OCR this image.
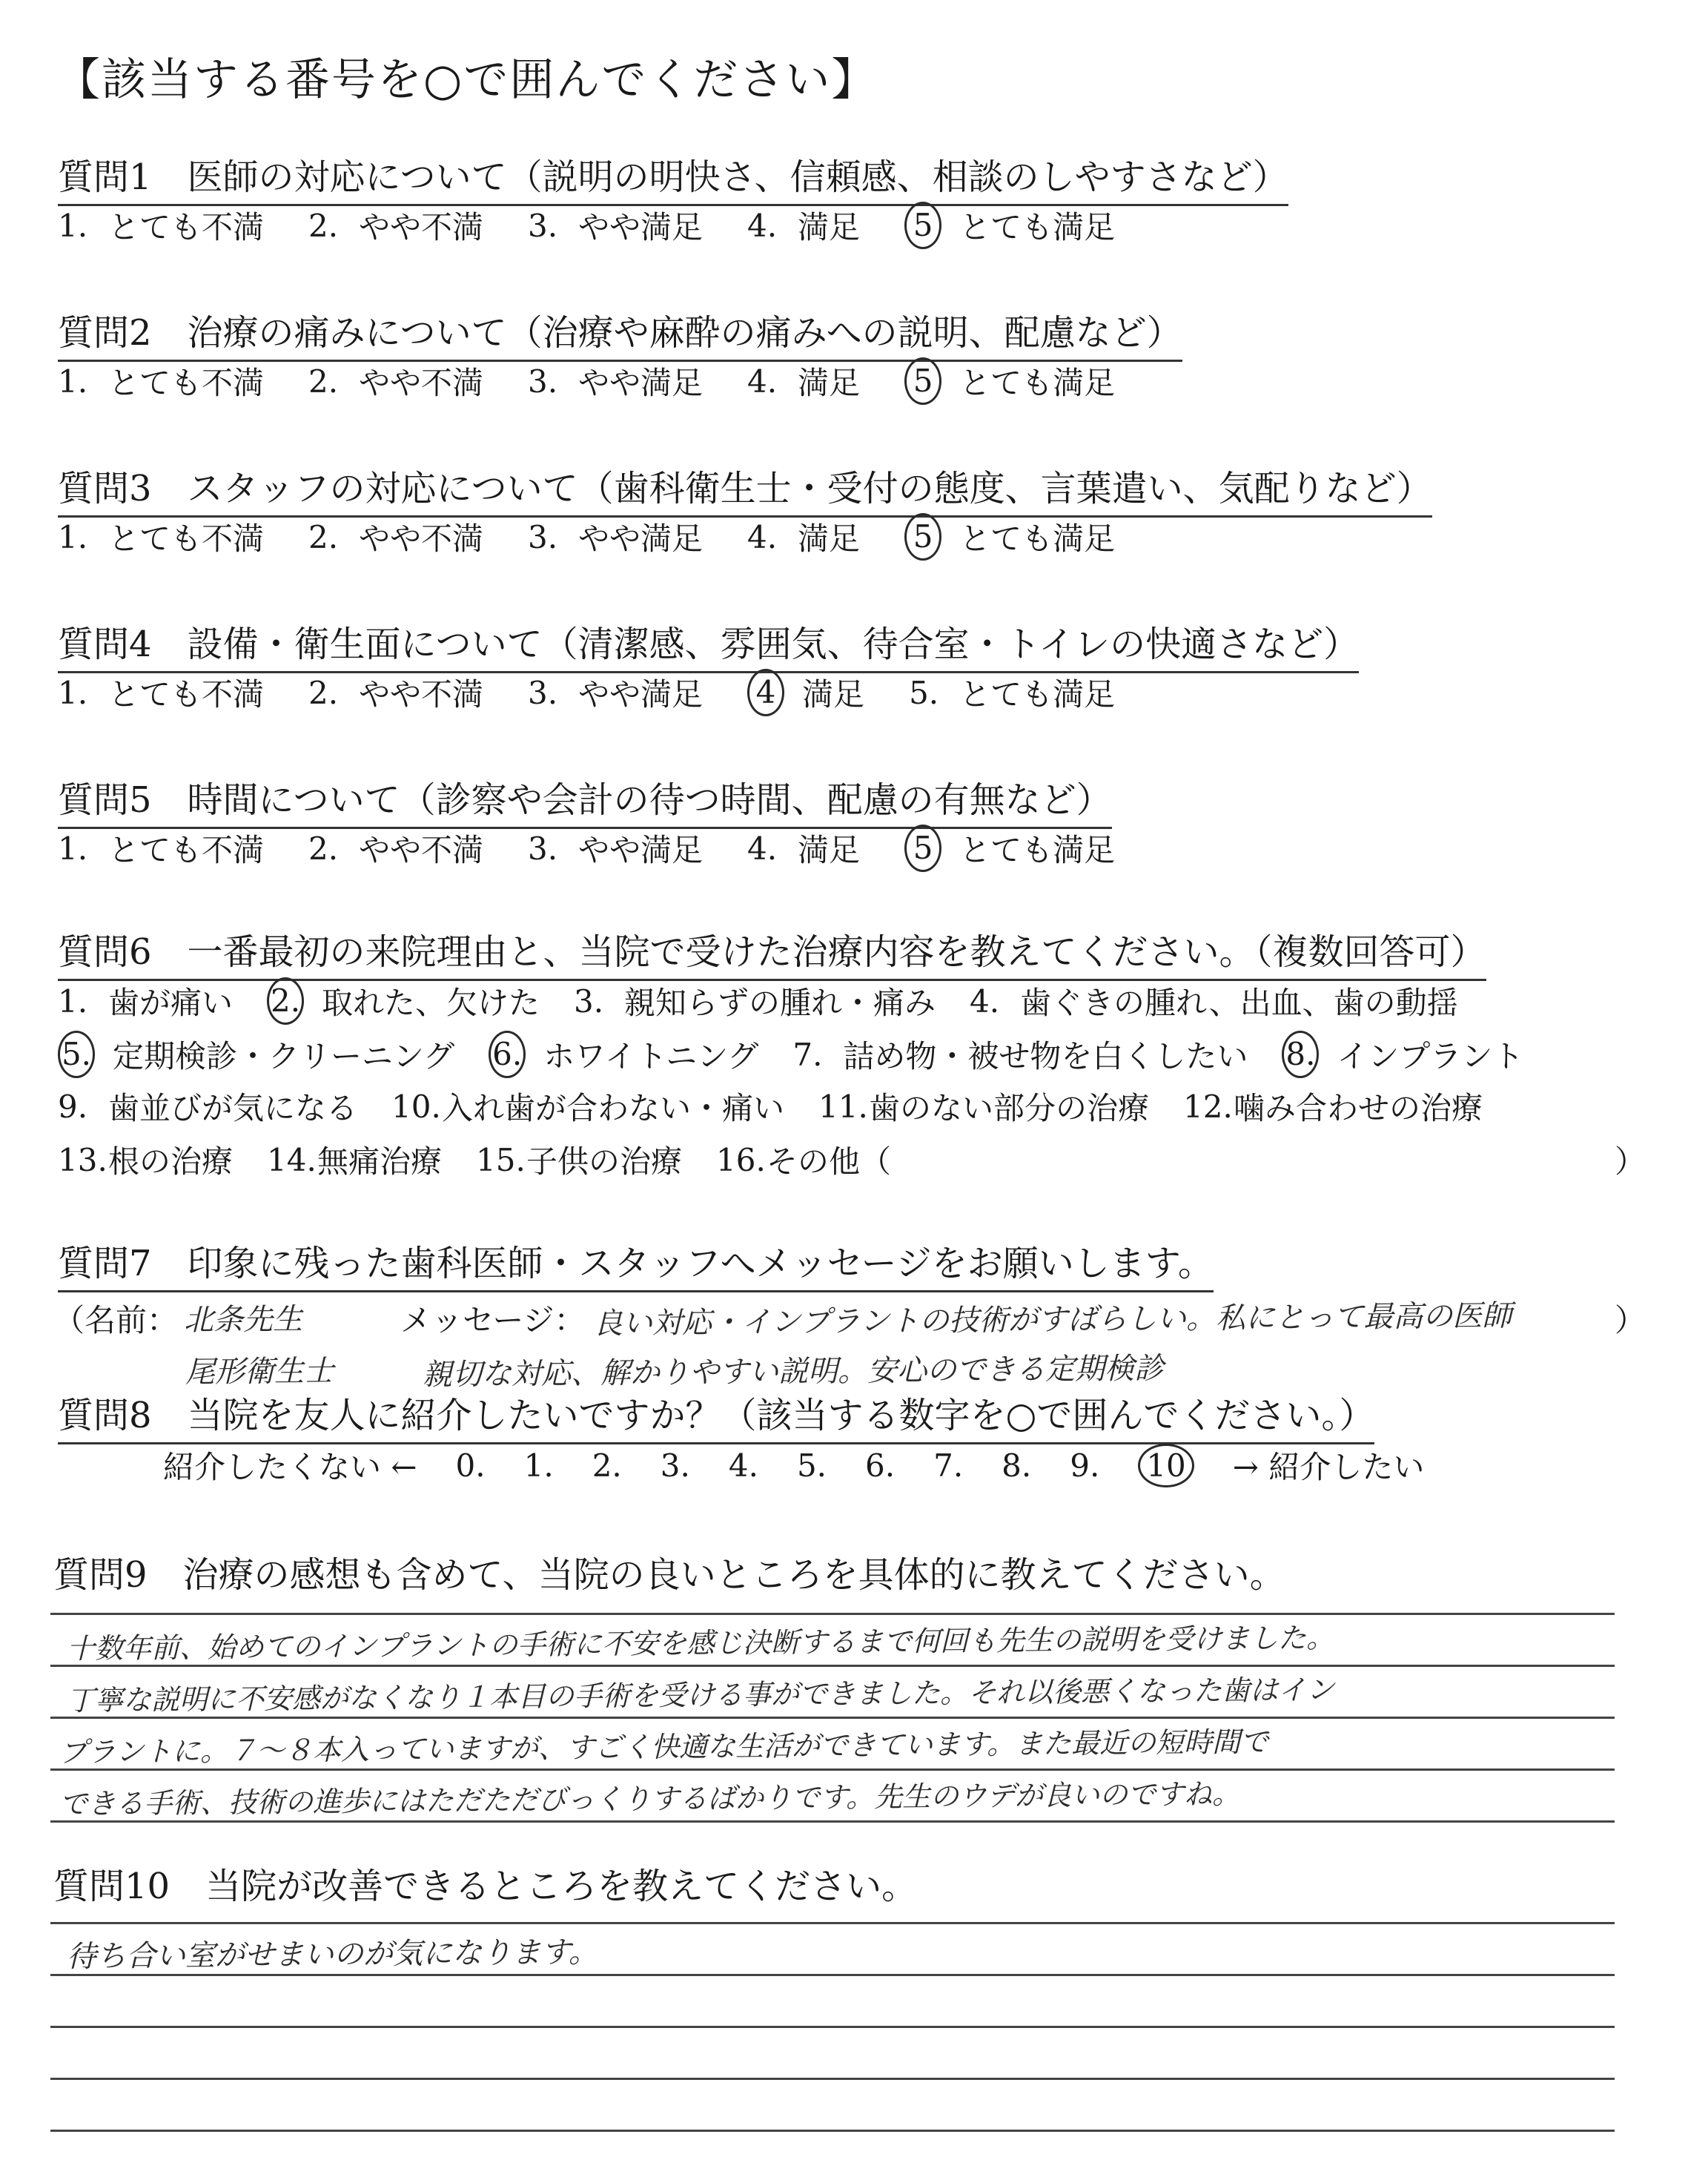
【該当する番号を○で囲んでください】
質問1　医師の対応について（説明の明快さ、信頼感、相談のしやすさなど）
1. とても不満 2. やや不満 3. やや満足 4. 満足 5 とても満足
質問2　治療の痛みについて（治療や麻酔の痛みへの説明、配慮など）
1. とても不満 2. やや不満 3. やや満足 4. 満足 5 とても満足
質問3　スタッフの対応について（歯科衛生士・受付の態度、言葉遣い、気配りなど）
1. とても不満 2. やや不満 3. やや満足 4. 満足 5 とても満足
質問4　設備・衛生面について（清潔感、雰囲気、待合室・トイレの快適さなど）
1. とても不満 2. やや不満 3. やや満足 4 満足 5. とても満足
質問5　時間について（診察や会計の待つ時間、配慮の有無など）
1. とても不満 2. やや不満 3. やや満足 4. 満足 5 とても満足
質問6　一番最初の来院理由と、当院で受けた治療内容を教えてください。（複数回答可）
1. 歯が痛い 2. 取れた、欠けた 3. 親知らずの腫れ・痛み 4. 歯ぐきの腫れ、出血、歯の動揺
5. 定期検診・クリーニング 6. ホワイトニング 7. 詰め物・被せ物を白くしたい 8. インプラント
9. 歯並びが気になる 10. 入れ歯が合わない・痛い 11. 歯のない部分の治療 12. 噛み合わせの治療
13. 根の治療 14. 無痛治療 15. 子供の治療 16. その他（	）
質問7　印象に残った歯科医師・スタッフへメッセージをお願いします。
（名前： 北条先生	メッセージ： 良い対応・インプラントの技術がすばらしい。私にとって最高の医師	）
尾形衛生士	親切な対応、解かりやすい説明。安心のできる定期検診
質問8　当院を友人に紹介したいですか？（該当する数字を○で囲んでください。）
紹介したくない ← 0. 1. 2. 3. 4. 5. 6. 7. 8. 9. 10 → 紹介したい
質問9　治療の感想も含めて、当院の良いところを具体的に教えてください。
十数年前、始めてのインプラントの手術に不安を感じ決断するまで何回も先生の説明を受けました。
丁寧な説明に不安感がなくなり１本目の手術を受ける事ができました。それ以後悪くなった歯はイン
プラントに。７～８本入っていますが、すごく快適な生活ができています。また最近の短時間で
できる手術、技術の進歩にはただただびっくりするばかりです。先生のウデが良いのですね。
質問10　当院が改善できるところを教えてください。
待ち合い室がせまいのが気になります。
